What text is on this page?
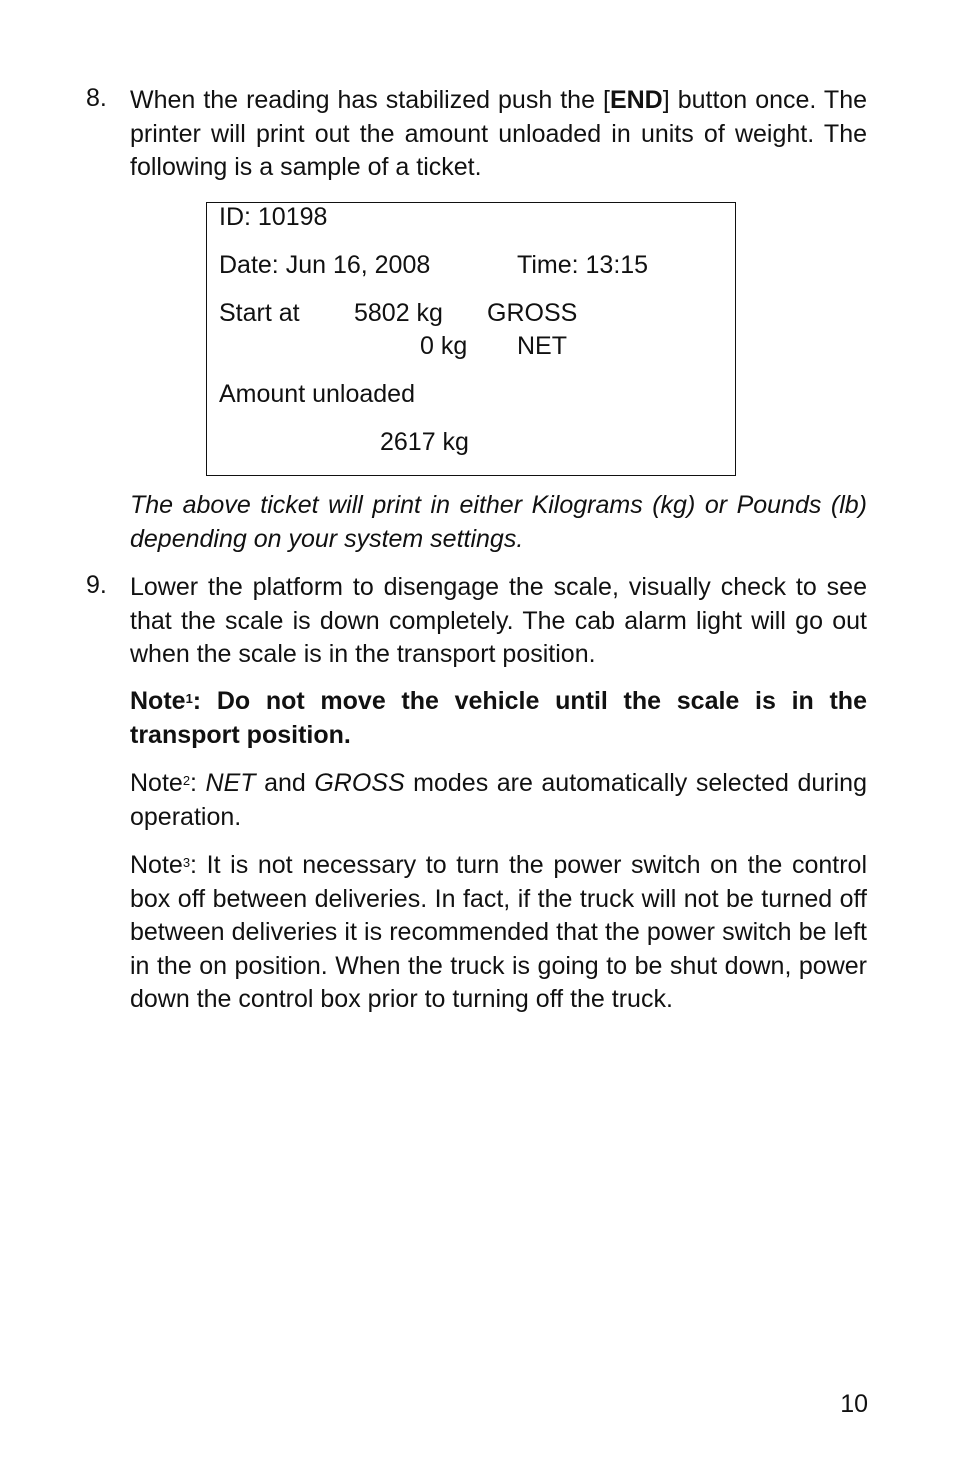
8. When the reading has stabilized push the [END] button once. The printer will print out the amount unloaded in units of weight. The following is a sample of a ticket.
ID: 10198
Date: Jun 16, 2008	Time: 13:15
Start at 5802 kg GROSS
0 kg NET
Amount unloaded
2617 kg
The above ticket will print in either Kilograms (kg) or Pounds (lb) depending on your system settings.
9. Lower the platform to disengage the scale, visually check to see that the scale is down completely. The cab alarm light will go out when the scale is in the transport position.
Note$^1$: Do not move the vehicle until the scale is in the transport position.
Note$^2$: NET and GROSS modes are automatically selected during operation.
Note$^3$: It is not necessary to turn the power switch on the control box off between deliveries. In fact, if the truck will not be turned off between deliveries it is recommended that the power switch be left in the on position. When the truck is going to be shut down, power down the control box prior to turning off the truck.
10
